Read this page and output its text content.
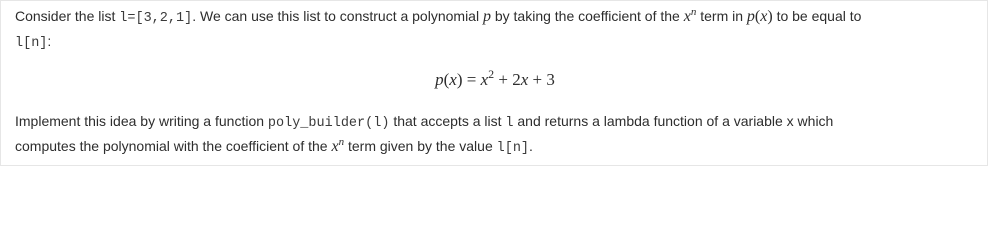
Consider the list l=[3,2,1]. We can use this list to construct a polynomial p by taking the coefficient of the $x^n$ term in p(x) to be equal to
l[n]:
$p(x) = x^2 + 2x + 3$
Implement this idea by writing a function poly_builder(l) that accepts a list l and returns a lambda function of a variable x which
computes the polynomial with the coefficient of the $x^n$ term given by the value l[n].
